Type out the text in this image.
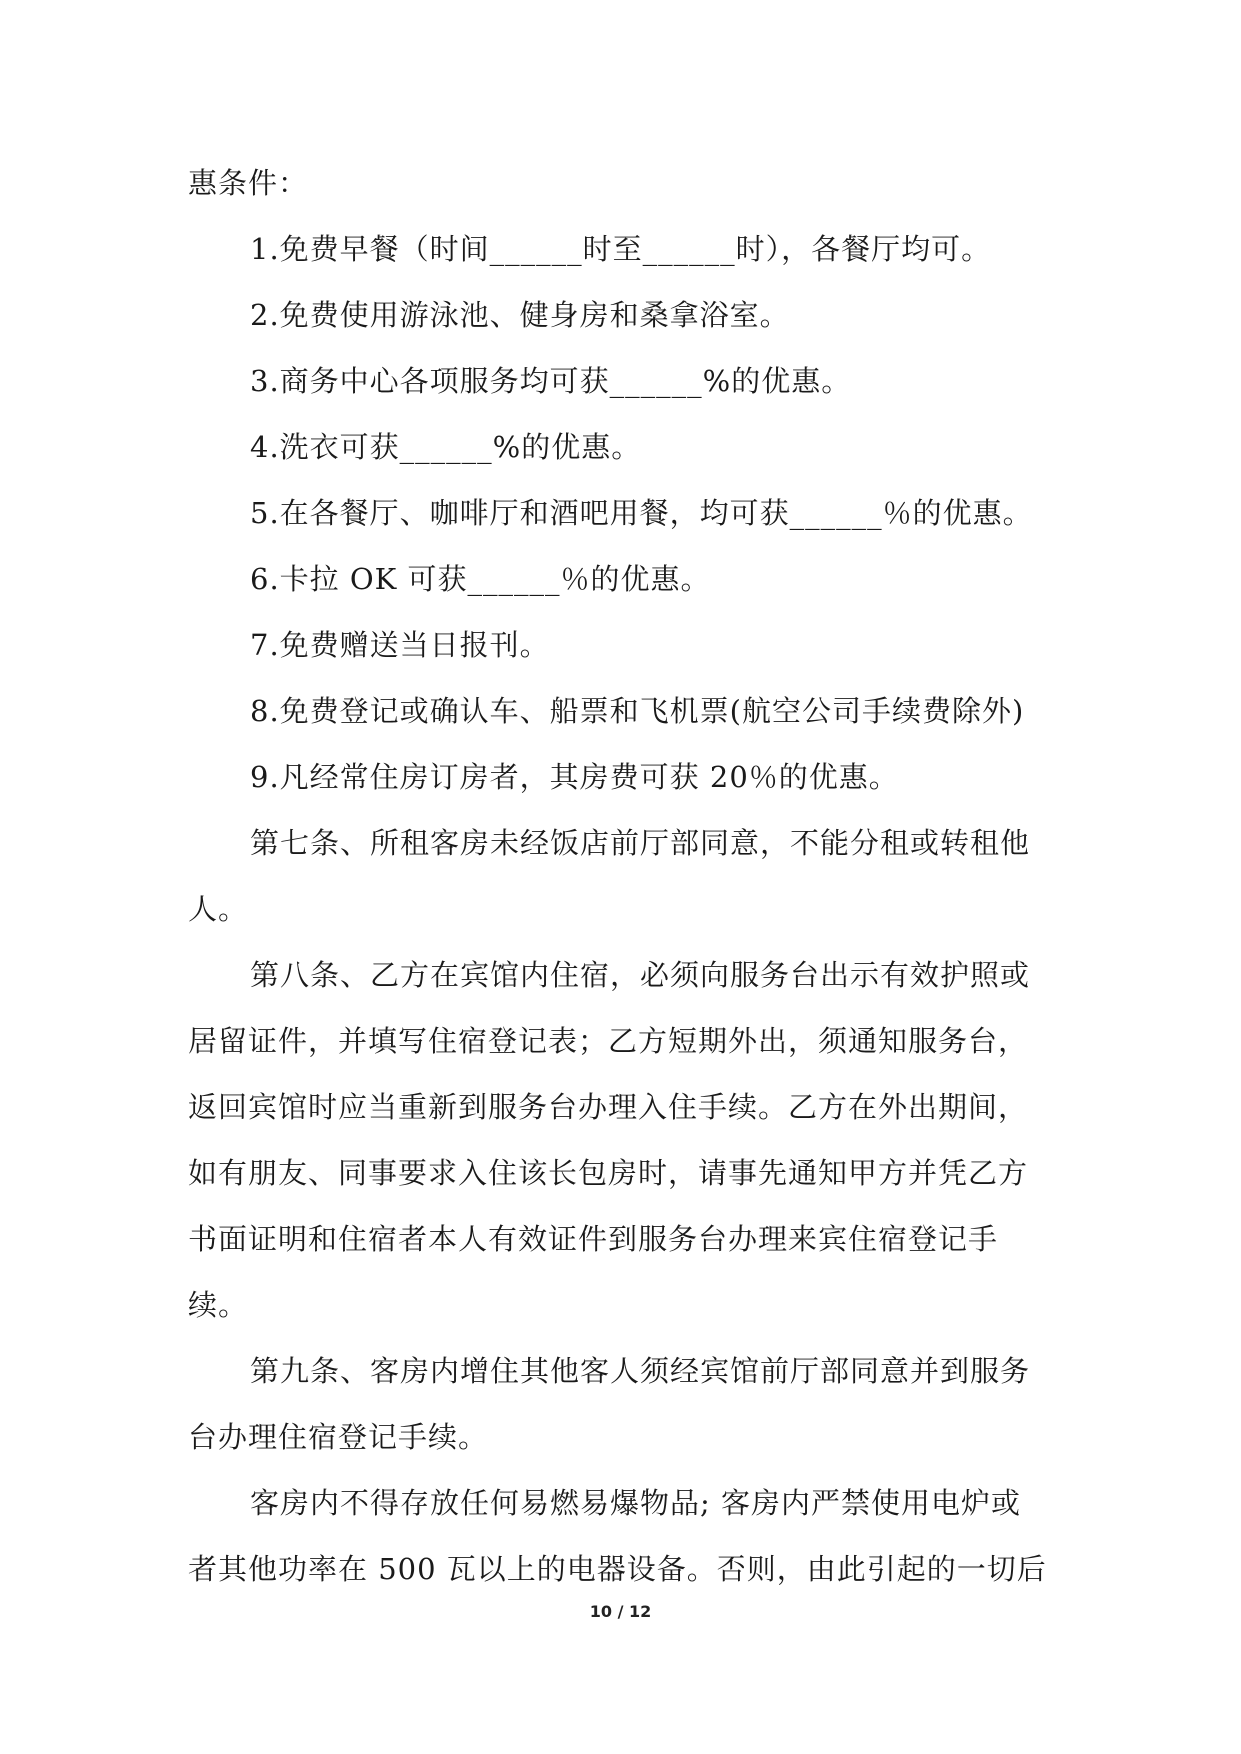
惠条件：
1.免费早餐（时间______时至______时），各餐厅均可。
2.免费使用游泳池、健身房和桑拿浴室。
3.商务中心各项服务均可获______%的优惠。
4.洗衣可获______%的优惠。
5.在各餐厅、咖啡厅和酒吧用餐，均可获______％的优惠。
6.卡拉 OK 可获______％的优惠。
7.免费赠送当日报刊。
8.免费登记或确认车、船票和飞机票(航空公司手续费除外)
9.凡经常住房订房者，其房费可获 20％的优惠。
第七条、所租客房未经饭店前厅部同意，不能分租或转租他
人。
第八条、乙方在宾馆内住宿，必须向服务台出示有效护照或
居留证件，并填写住宿登记表；乙方短期外出，须通知服务台，
返回宾馆时应当重新到服务台办理入住手续。乙方在外出期间，
如有朋友、同事要求入住该长包房时，请事先通知甲方并凭乙方
书面证明和住宿者本人有效证件到服务台办理来宾住宿登记手
续。
第九条、客房内增住其他客人须经宾馆前厅部同意并到服务
台办理住宿登记手续。
客房内不得存放任何易燃易爆物品; 客房内严禁使用电炉或
者其他功率在 500 瓦以上的电器设备。否则，由此引起的一切后
10 / 12
